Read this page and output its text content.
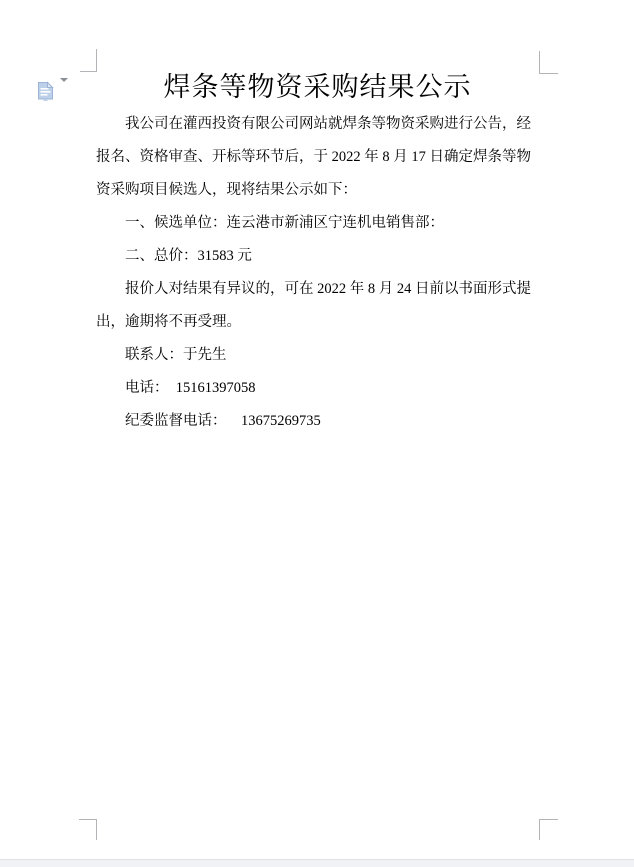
焊条等物资采购结果公示
我公司在灌西投资有限公司网站就焊条等物资采购进行公告，经
报名、资格审查、开标等环节后，于 2022 年 8 月 17 日确定焊条等物
资采购项目候选人，现将结果公示如下：
一、候选单位：连云港市新浦区宁连机电销售部：
二、总价：31583 元
报价人对结果有异议的，可在 2022 年 8 月 24 日前以书面形式提
出，逾期将不再受理。
联系人：于先生
电话：  15161397058
纪委监督电话：    13675269735
